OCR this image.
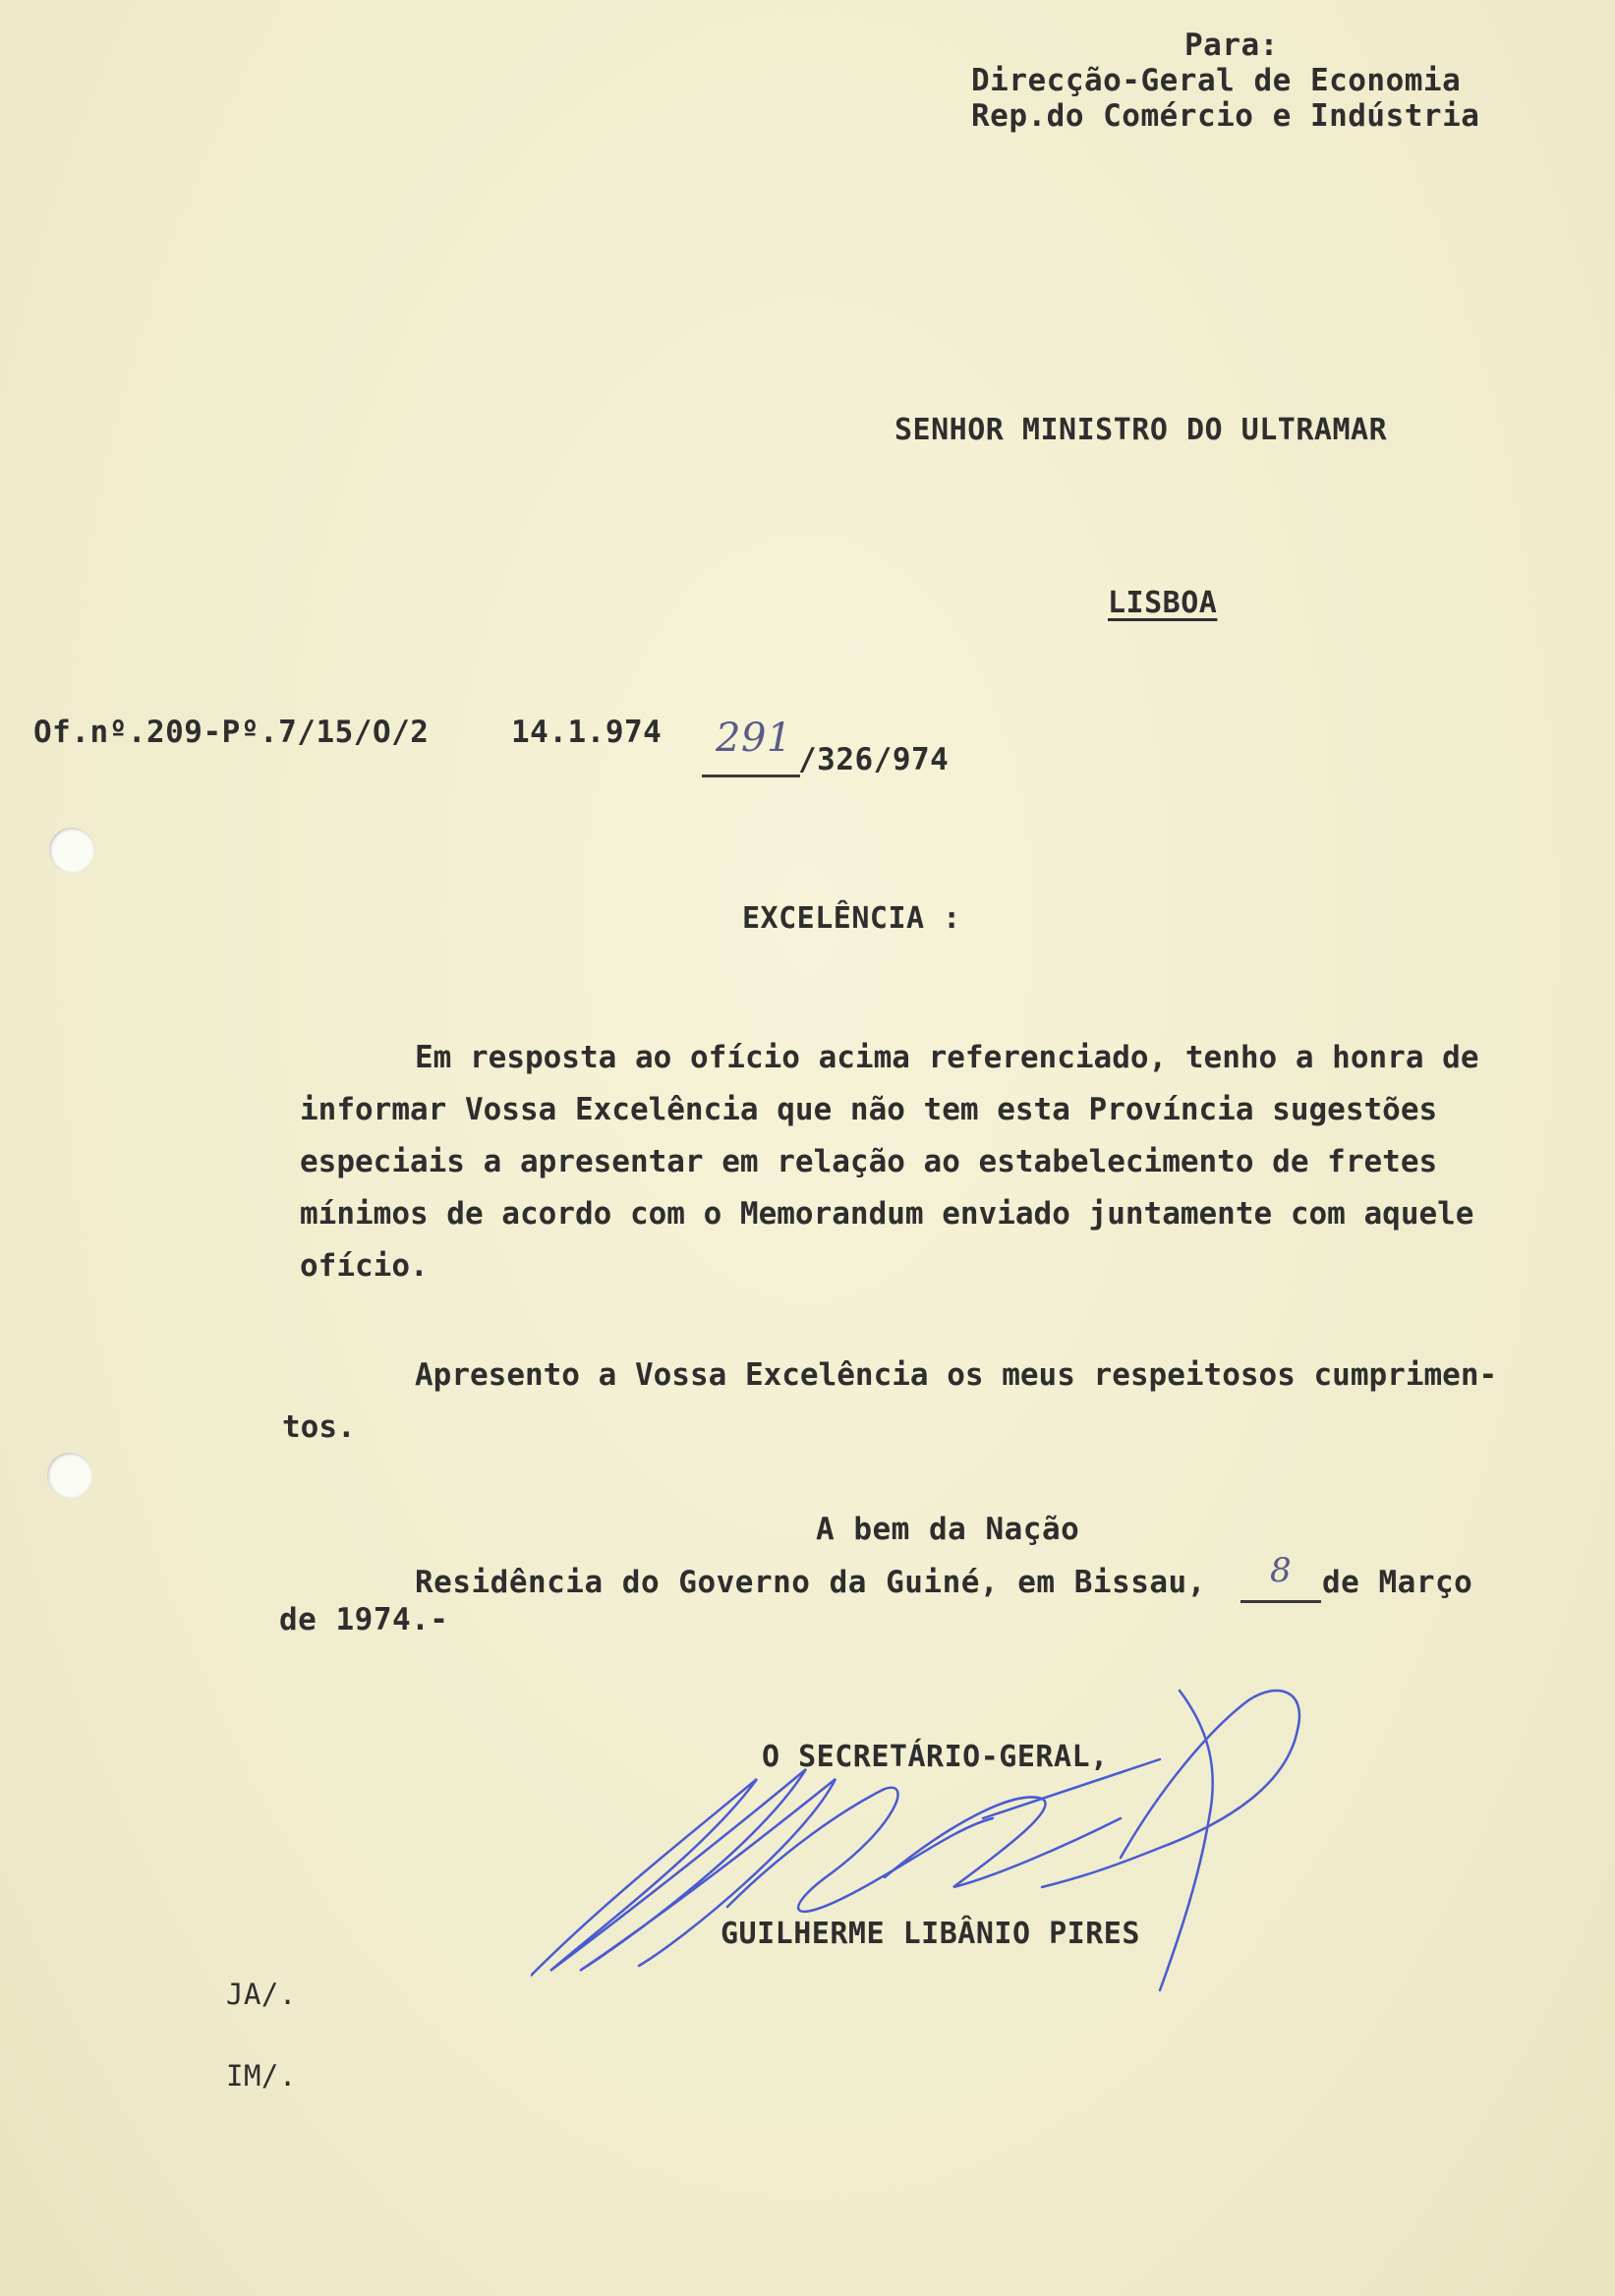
Para:
Direcção-Geral de Economia
Rep.do Comércio e Indústria
SENHOR MINISTRO DO ULTRAMAR
LISBOA
Of.nº.209-Pº.7/15/O/2	14.1.974 291 /326/974
EXCELÊNCIA :
Em resposta ao ofício acima referenciado, tenho a honra de
informar Vossa Excelência que não tem esta Província sugestões
especiais a apresentar em relação ao estabelecimento de fretes
mínimos de acordo com o Memorandum enviado juntamente com aquele
ofício.
Apresento a Vossa Excelência os meus respeitosos cumprimen-
tos.
A bem da Nação
Residência do Governo da Guiné, em Bissau, 8 de Março
de 1974.-
O SECRETÁRIO-GERAL,
GUILHERME LIBÂNIO PIRES
JA/.
IM/.
